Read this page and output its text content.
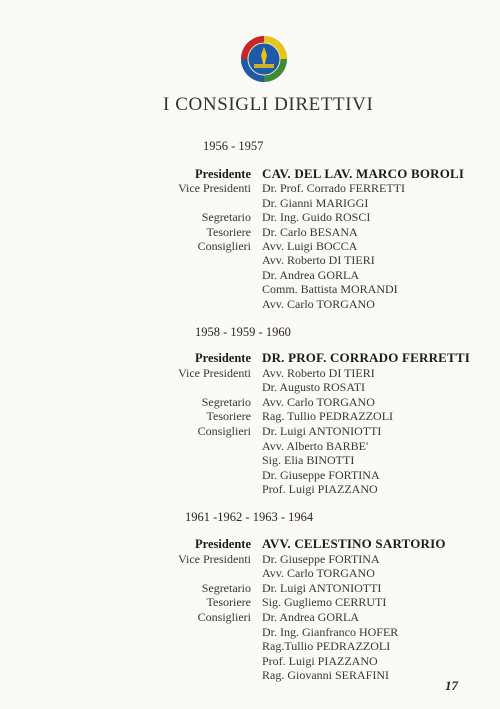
I CONSIGLI DIRETTIVI
1956 - 1957
Presidente CAV. DEL LAV. MARCO BOROLI
Vice Presidenti Dr. Prof. Corrado FERRETTI
Dr. Gianni MARIGGI
Segretario Dr. Ing. Guido ROSCI
Tesoriere Dr. Carlo BESANA
Consiglieri Avv. Luigi BOCCA
Avv. Roberto DI TIERI
Dr. Andrea GORLA
Comm. Battista MORANDI
Avv. Carlo TORGANO
1958 - 1959 - 1960
Presidente DR. PROF. CORRADO FERRETTI
Vice Presidenti Avv. Roberto DI TIERI
Dr. Augusto ROSATI
Segretario Avv. Carlo TORGANO
Tesoriere Rag. Tullio PEDRAZZOLI
Consiglieri Dr. Luigi ANTONIOTTI
Avv. Alberto BARBE'
Sig. Elia BINOTTI
Dr. Giuseppe FORTINA
Prof. Luigi PIAZZANO
1961 -1962 - 1963 - 1964
Presidente AVV. CELESTINO SARTORIO
Vice Presidenti Dr. Giuseppe FORTINA
Avv. Carlo TORGANO
Segretario Dr. Luigi ANTONIOTTI
Tesoriere Sig. Gugliemo CERRUTI
Consiglieri Dr. Andrea GORLA
Dr. Ing. Gianfranco HOFER
Rag.Tullio PEDRAZZOLI
Prof. Luigi PIAZZANO
Rag. Giovanni SERAFINI
17
